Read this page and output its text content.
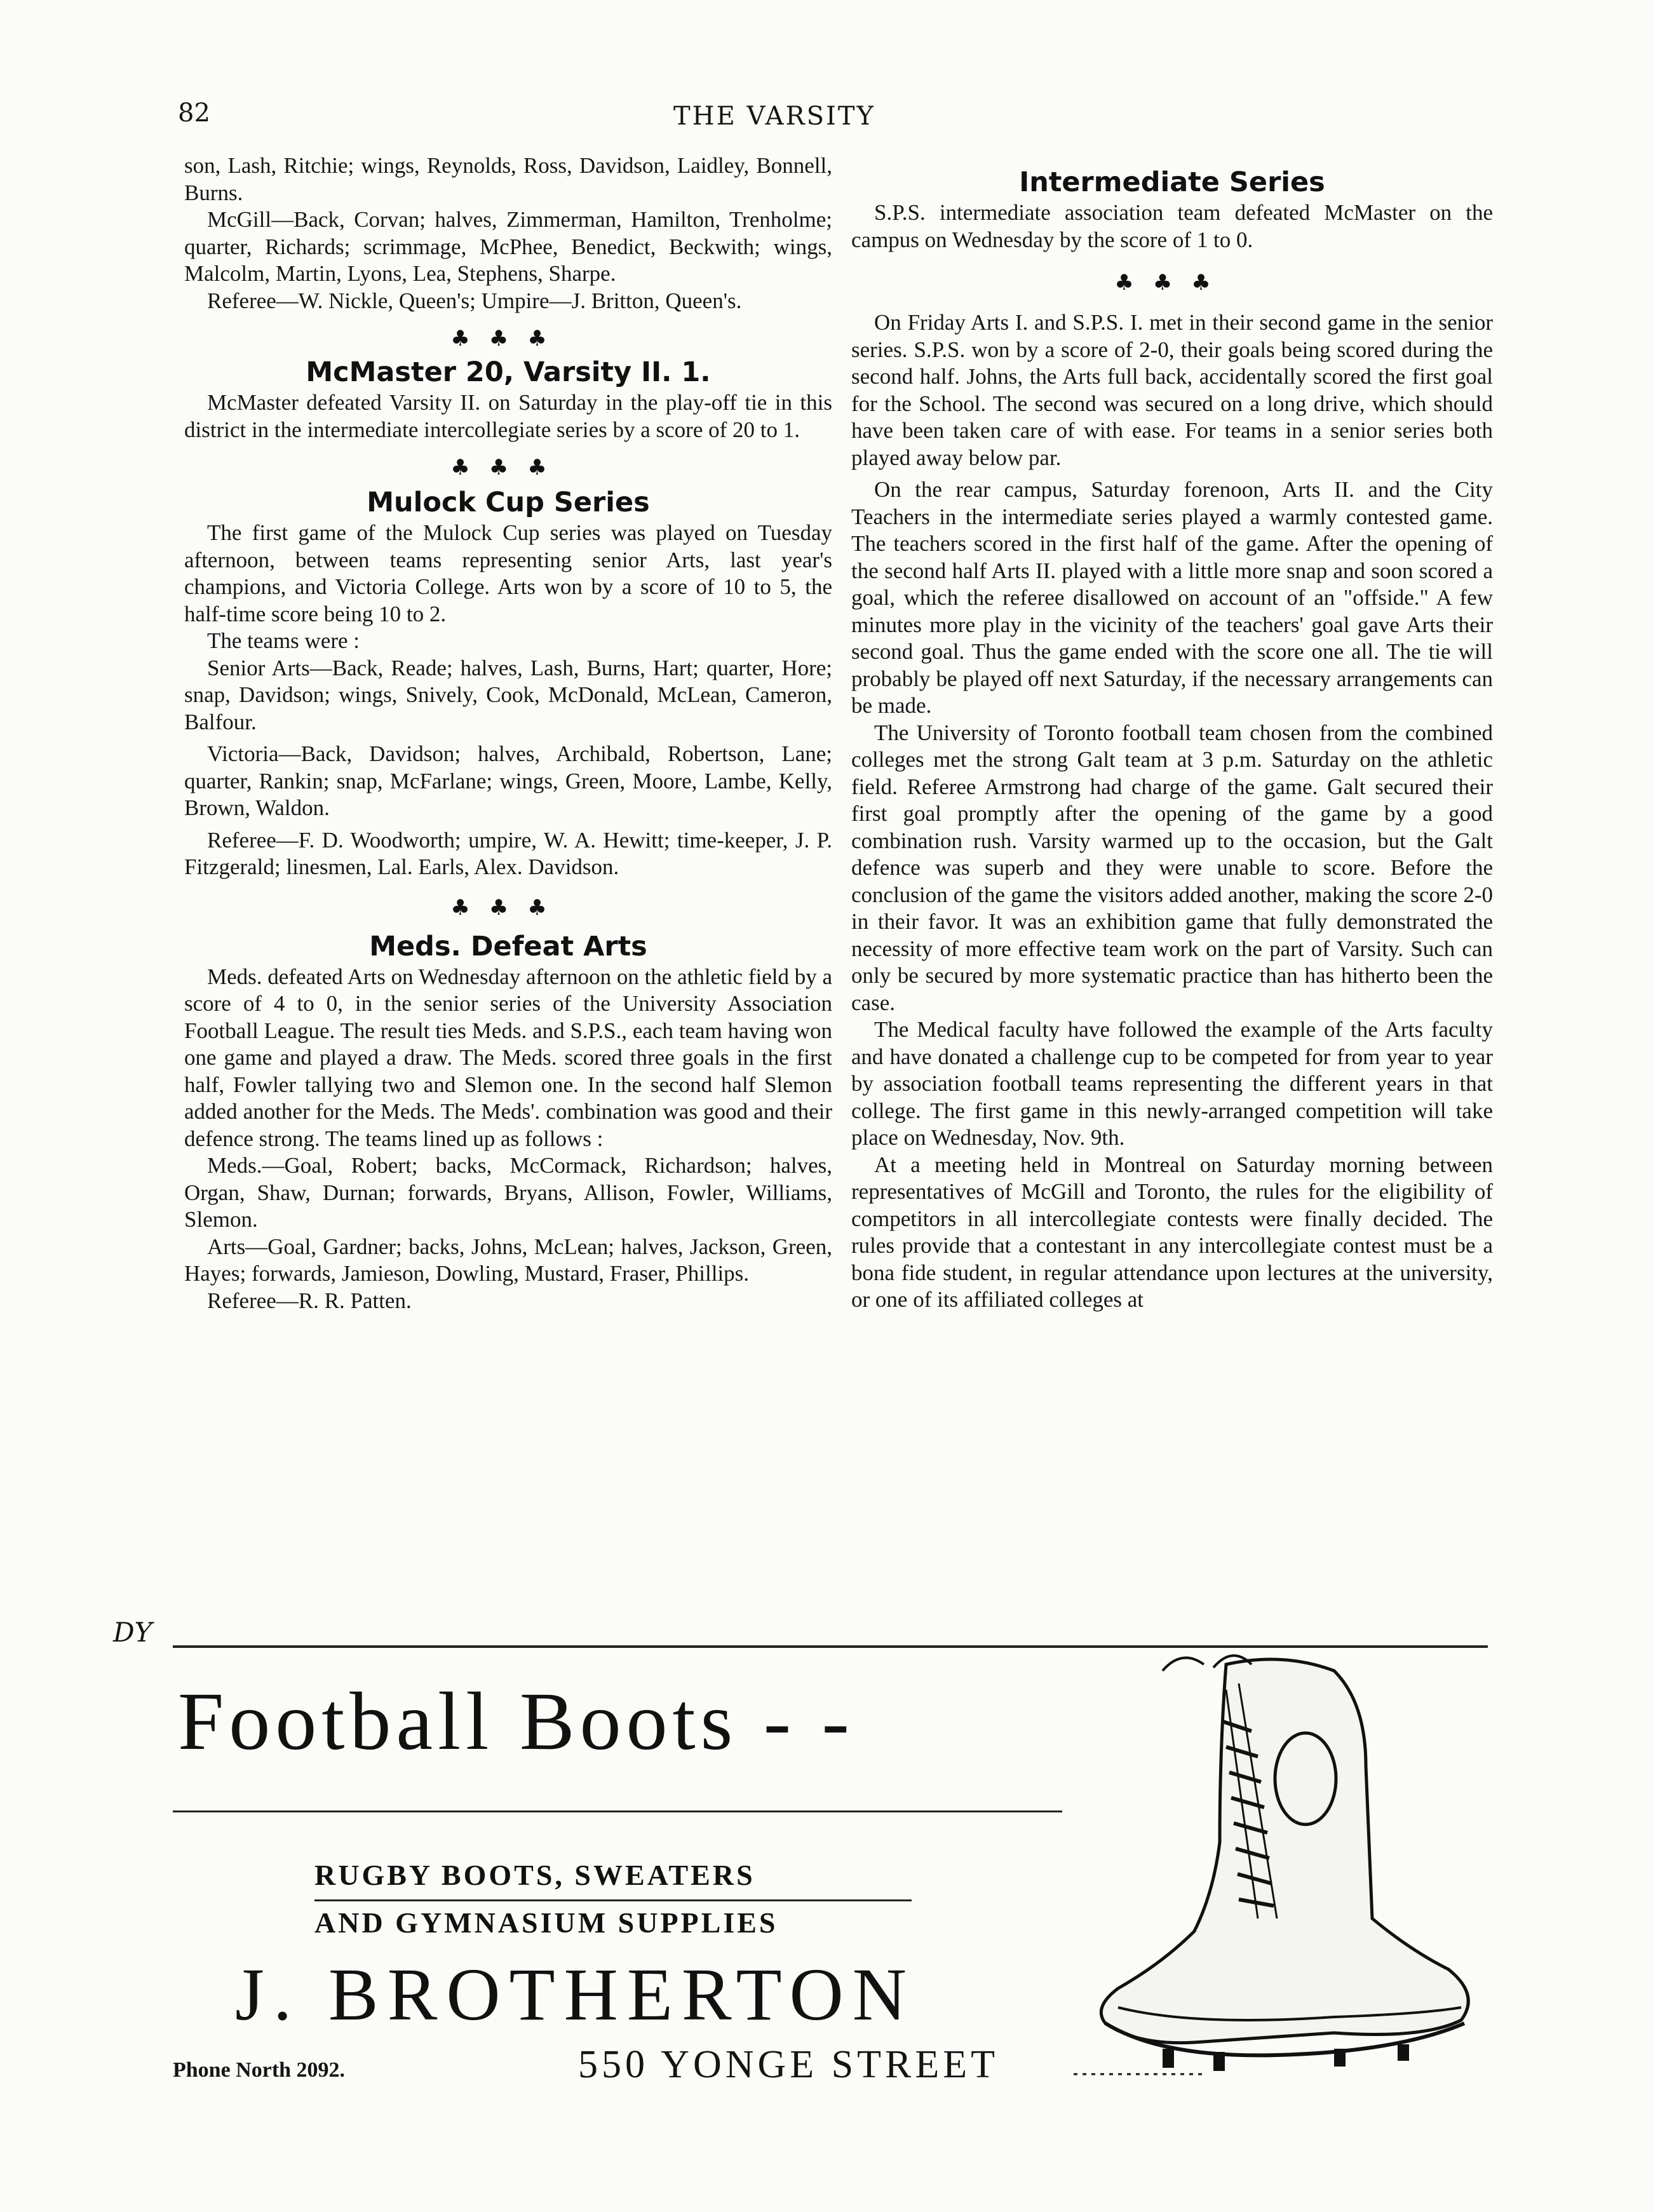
82	THE VARSITY

son, Lash, Ritchie; wings, Reynolds, Ross, Davidson, Laidley, Bonnell, Burns.

McGill—Back, Corvan; halves, Zimmerman, Hamilton, Trenholme; quarter, Richards; scrimmage, McPhee, Benedict, Beckwith; wings, Malcolm, Martin, Lyons, Lea, Stephens, Sharpe.

Referee—W. Nickle, Queen's; Umpire—J. Britton, Queen's.

♣♣♣

McMaster 20, Varsity II. 1.

McMaster defeated Varsity II. on Saturday in the play-off tie in this district in the intermediate intercollegiate series by a score of 20 to 1.

♣♣♣

Mulock Cup Series

The first game of the Mulock Cup series was played on Tuesday afternoon, between teams representing senior Arts, last year's champions, and Victoria College. Arts won by a score of 10 to 5, the half-time score being 10 to 2.

The teams were :

Senior Arts—Back, Reade; halves, Lash, Burns, Hart; quarter, Hore; snap, Davidson; wings, Snively, Cook, McDonald, McLean, Cameron, Balfour.

Victoria—Back, Davidson; halves, Archibald, Robertson, Lane; quarter, Rankin; snap, McFarlane; wings, Green, Moore, Lambe, Kelly, Brown, Waldon.

Referee—F. D. Woodworth; umpire, W. A. Hewitt; time-keeper, J. P. Fitzgerald; linesmen, Lal. Earls, Alex. Davidson.

♣♣♣

Meds. Defeat Arts

Meds. defeated Arts on Wednesday afternoon on the athletic field by a score of 4 to 0, in the senior series of the University Association Football League. The result ties Meds. and S.P.S., each team having won one game and played a draw. The Meds. scored three goals in the first half, Fowler tallying two and Slemon one. In the second half Slemon added another for the Meds. The Meds'. combination was good and their defence strong. The teams lined up as follows :

Meds.—Goal, Robert; backs, McCormack, Richardson; halves, Organ, Shaw, Durnan; forwards, Bryans, Allison, Fowler, Williams, Slemon.

Arts—Goal, Gardner; backs, Johns, McLean; halves, Jackson, Green, Hayes; forwards, Jamieson, Dowling, Mustard, Fraser, Phillips.

Referee—R. R. Patten.

Intermediate Series

S.P.S. intermediate association team defeated McMaster on the campus on Wednesday by the score of 1 to 0.

♣♣♣

On Friday Arts I. and S.P.S. I. met in their second game in the senior series. S.P.S. won by a score of 2-0, their goals being scored during the second half. Johns, the Arts full back, accidentally scored the first goal for the School. The second was secured on a long drive, which should have been taken care of with ease. For teams in a senior series both played away below par.

On the rear campus, Saturday forenoon, Arts II. and the City Teachers in the intermediate series played a warmly contested game. The teachers scored in the first half of the game. After the opening of the second half Arts II. played with a little more snap and soon scored a goal, which the referee disallowed on account of an "offside." A few minutes more play in the vicinity of the teachers' goal gave Arts their second goal. Thus the game ended with the score one all. The tie will probably be played off next Saturday, if the necessary arrangements can be made.

The University of Toronto football team chosen from the combined colleges met the strong Galt team at 3 p.m. Saturday on the athletic field. Referee Armstrong had charge of the game. Galt secured their first goal promptly after the opening of the game by a good combination rush. Varsity warmed up to the occasion, but the Galt defence was superb and they were unable to score. Before the conclusion of the game the visitors added another, making the score 2-0 in their favor. It was an exhibition game that fully demonstrated the necessity of more effective team work on the part of Varsity. Such can only be secured by more systematic practice than has hitherto been the case.

The Medical faculty have followed the example of the Arts faculty and have donated a challenge cup to be competed for from year to year by association football teams representing the different years in that college. The first game in this newly-arranged competition will take place on Wednesday, Nov. 9th.

At a meeting held in Montreal on Saturday morning between representatives of McGill and Toronto, the rules for the eligibility of competitors in all intercollegiate contests were finally decided. The rules provide that a contestant in any intercollegiate contest must be a bona fide student, in regular attendance upon lectures at the university, or one of its affiliated colleges at

DY
Football Boots - -
RUGBY BOOTS, SWEATERS
AND GYMNASIUM SUPPLIES
J. BROTHERTON
Phone North 2092.	550 YONGE STREET
